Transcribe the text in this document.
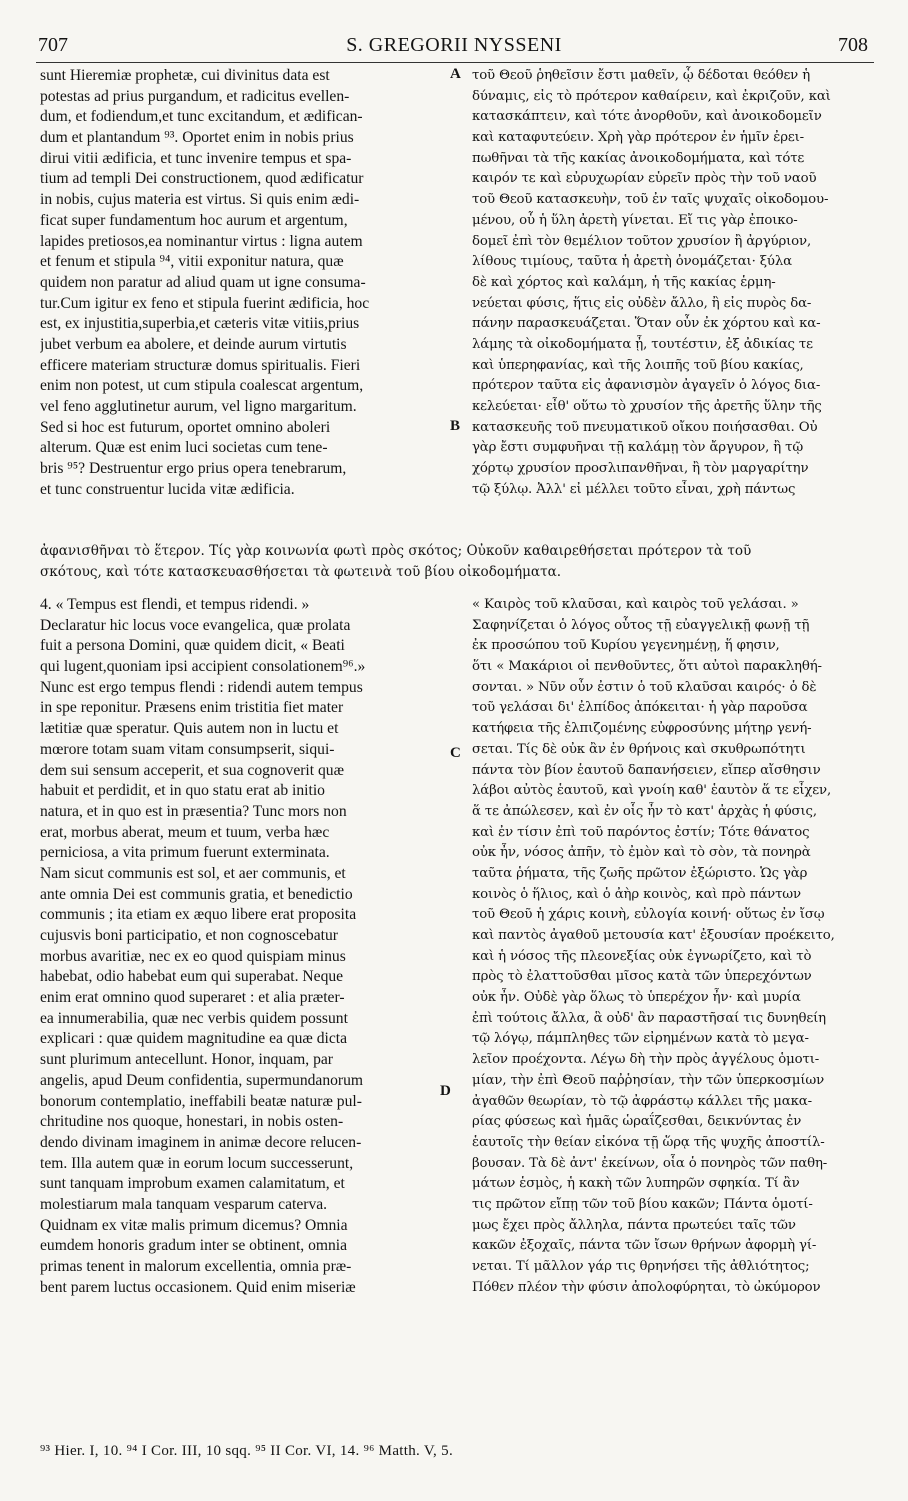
707	S. GREGORII NYSSENI	708
sunt Hieremiæ prophetæ, cui divinitus data est
potestas ad prius purgandum, et radicitus evellen-
dum, et fodiendum,et tunc excitandum, et ædifican-
dum et plantandum ⁹³. Oportet enim in nobis prius
dirui vitii ædificia, et tunc invenire tempus et spa-
tium ad templi Dei constructionem, quod ædificatur
in nobis, cujus materia est virtus. Si quis enim ædi-
ficat super fundamentum hoc aurum et argentum,
lapides pretiosos,ea nominantur virtus : ligna autem
et fenum et stipula ⁹⁴, vitii exponitur natura, quæ
quidem non paratur ad aliud quam ut igne consuma-
tur.Cum igitur ex feno et stipula fuerint ædificia, hoc
est, ex injustitia,superbia,et cæteris vitæ vitiis,prius
jubet verbum ea abolere, et deinde aurum virtutis
efficere materiam structuræ domus spiritualis. Fieri
enim non potest, ut cum stipula coalescat argentum,
vel feno agglutinetur aurum, vel ligno margaritum.
Sed si hoc est futurum, oportet omnino aboleri
alterum. Quæ est enim luci societas cum tene-
bris ⁹⁵? Destruentur ergo prius opera tenebrarum,
et tunc construentur lucida vitæ ædificia.
τοῦ Θεοῦ ῥηθεῖσιν ἔστι μαθεῖν, ᾧ δέδοται θεόθεν ἡ
δύναμις, εἰς τὸ πρότερον καθαίρειν, καὶ ἐκριζοῦν, καὶ
κατασκάπτειν, καὶ τότε ἀνορθοῦν, καὶ ἀνοικοδομεῖν
καὶ καταφυτεύειν. Χρὴ γὰρ πρότερον ἐν ἡμῖν ἐρει-
πωθῆναι τὰ τῆς κακίας ἀνοικοδομήματα, καὶ τότε
καιρόν τε καὶ εὐρυχωρίαν εὑρεῖν πρὸς τὴν τοῦ ναοῦ
τοῦ Θεοῦ κατασκευὴν, τοῦ ἐν ταῖς ψυχαῖς οἰκοδομου-
μένου, οὗ ἡ ὕλη ἀρετὴ γίνεται. Εἴ τις γὰρ ἐποικο-
δομεῖ ἐπὶ τὸν θεμέλιον τοῦτον χρυσίον ἢ ἀργύριον,
λίθους τιμίους, ταῦτα ἡ ἀρετὴ ὀνομάζεται· ξύλα
δὲ καὶ χόρτος καὶ καλάμη, ἡ τῆς κακίας ἑρμη-
νεύεται φύσις, ἥτις εἰς οὐδὲν ἄλλο, ἢ εἰς πυρὸς δα-
πάνην παρασκευάζεται. Ὅταν οὖν ἐκ χόρτου καὶ κα-
λάμης τὰ οἰκοδομήματα ᾖ, τουτέστιν, ἐξ ἀδικίας τε
καὶ ὑπερηφανίας, καὶ τῆς λοιπῆς τοῦ βίου κακίας,
πρότερον ταῦτα εἰς ἀφανισμὸν ἀγαγεῖν ὁ λόγος δια-
κελεύεται· εἶθ' οὕτω τὸ χρυσίον τῆς ἀρετῆς ὕλην τῆς
κατασκευῆς τοῦ πνευματικοῦ οἴκου ποιήσασθαι. Οὐ
γὰρ ἔστι συμφυῆναι τῇ καλάμῃ τὸν ἄργυρον, ἢ τῷ
χόρτῳ χρυσίον προσλιπανθῆναι, ἢ τὸν μαργαρίτην
τῷ ξύλῳ. Ἀλλ' εἰ μέλλει τοῦτο εἶναι, χρὴ πάντως
ἀφανισθῆναι τὸ ἕτερον. Τίς γὰρ κοινωνία φωτὶ πρὸς σκότος; Οὐκοῦν καθαιρεθήσεται πρότερον τὰ τοῦ
σκότους, καὶ τότε κατασκευασθήσεται τὰ φωτεινὰ τοῦ βίου οἰκοδομήματα.
4. « Tempus est flendi, et tempus ridendi. »
Declaratur hic locus voce evangelica, quæ prolata
fuit a persona Domini, quæ quidem dicit, « Beati
qui lugent,quoniam ipsi accipient consolationem⁹⁶.»
Nunc est ergo tempus flendi : ridendi autem tempus
in spe reponitur. Præsens enim tristitia fiet mater
lætitiæ quæ speratur. Quis autem non in luctu et
mœrore totam suam vitam consumpserit, siqui-
dem sui sensum acceperit, et sua cognoverit quæ
habuit et perdidit, et in quo statu erat ab initio
natura, et in quo est in præsentia? Tunc mors non
erat, morbus aberat, meum et tuum, verba hæc
perniciosa, a vita primum fuerunt exterminata.
Nam sicut communis est sol, et aer communis, et
ante omnia Dei est communis gratia, et benedictio
communis ; ita etiam ex æquo libere erat proposita
cujusvis boni participatio, et non cognoscebatur
morbus avaritiæ, nec ex eo quod quispiam minus
habebat, odio habebat eum qui superabat. Neque
enim erat omnino quod superaret : et alia præter-
ea innumerabilia, quæ nec verbis quidem possunt
explicari : quæ quidem magnitudine ea quæ dicta
sunt plurimum antecellunt. Honor, inquam, par
angelis, apud Deum confidentia, supermundanorum
bonorum contemplatio, ineffabili beatæ naturæ pul-
chritudine nos quoque, honestari, in nobis osten-
dendo divinam imaginem in animæ decore relucen-
tem. Illa autem quæ in eorum locum successerunt,
sunt tanquam improbum examen calamitatum, et
molestiarum mala tanquam vesparum caterva.
Quidnam ex vitæ malis primum dicemus? Omnia
eumdem honoris gradum inter se obtinent, omnia
primas tenent in malorum excellentia, omnia præ-
bent parem luctus occasionem. Quid enim miseriæ
« Καιρὸς τοῦ κλαῦσαι, καὶ καιρὸς τοῦ γελάσαι. »
Σαφηνίζεται ὁ λόγος οὗτος τῇ εὐαγγελικῇ φωνῇ τῇ
ἐκ προσώπου τοῦ Κυρίου γεγενημένῃ, ἥ φησιν,
ὅτι « Μακάριοι οἱ πενθοῦντες, ὅτι αὐτοὶ παρακληθή-
σονται. » Νῦν οὖν ἐστιν ὁ τοῦ κλαῦσαι καιρός· ὁ δὲ
τοῦ γελάσαι δι' ἐλπίδος ἀπόκειται· ἡ γὰρ παροῦσα
κατήφεια τῆς ἐλπιζομένης εὐφροσύνης μήτηρ γενή-
σεται. Τίς δὲ οὐκ ἂν ἐν θρήνοις καὶ σκυθρωπότητι
πάντα τὸν βίον ἑαυτοῦ δαπανήσειεν, εἴπερ αἴσθησιν
λάβοι αὐτὸς ἑαυτοῦ, καὶ γνοίη καθ' ἑαυτὸν ἅ τε εἶχεν,
ἅ τε ἀπώλεσεν, καὶ ἐν οἷς ἦν τὸ κατ' ἀρχὰς ἡ φύσις,
καὶ ἐν τίσιν ἐπὶ τοῦ παρόντος ἐστίν; Τότε θάνατος
οὐκ ἦν, νόσος ἀπῆν, τὸ ἐμὸν καὶ τὸ σὸν, τὰ πονηρὰ
ταῦτα ῥήματα, τῆς ζωῆς πρῶτον ἐξώριστο. Ὡς γὰρ
κοινὸς ὁ ἥλιος, καὶ ὁ ἀὴρ κοινὸς, καὶ πρὸ πάντων
τοῦ Θεοῦ ἡ χάρις κοινὴ, εὐλογία κοινή· οὕτως ἐν ἴσῳ
καὶ παντὸς ἀγαθοῦ μετουσία κατ' ἐξουσίαν προέκειτο,
καὶ ἡ νόσος τῆς πλεονεξίας οὐκ ἐγνωρίζετο, καὶ τὸ
πρὸς τὸ ἐλαττοῦσθαι μῖσος κατὰ τῶν ὑπερεχόντων
οὐκ ἦν. Οὐδὲ γὰρ ὅλως τὸ ὑπερέχον ἦν· καὶ μυρία
ἐπὶ τούτοις ἄλλα, ἃ οὐδ' ἂν παραστῆσαί τις δυνηθείη
τῷ λόγῳ, πάμπληθες τῶν εἰρημένων κατὰ τὸ μεγα-
λεῖον προέχοντα. Λέγω δὴ τὴν πρὸς ἀγγέλους ὁμοτι-
μίαν, τὴν ἐπὶ Θεοῦ παῤῥησίαν, τὴν τῶν ὑπερκοσμίων
ἀγαθῶν θεωρίαν, τὸ τῷ ἀφράστῳ κάλλει τῆς μακα-
ρίας φύσεως καὶ ἡμᾶς ὡραΐζεσθαι, δεικνύντας ἐν
ἑαυτοῖς τὴν θείαν εἰκόνα τῇ ὥρᾳ τῆς ψυχῆς ἀποστίλ-
βουσαν. Τὰ δὲ ἀντ' ἐκείνων, οἷα ὁ πονηρὸς τῶν παθη-
μάτων ἑσμὸς, ἡ κακὴ τῶν λυπηρῶν σφηκία. Τί ἂν
τις πρῶτον εἴπῃ τῶν τοῦ βίου κακῶν; Πάντα ὁμοτί-
μως ἔχει πρὸς ἄλληλα, πάντα πρωτεύει ταῖς τῶν
κακῶν ἐξοχαῖς, πάντα τῶν ἴσων θρήνων ἀφορμὴ γί-
νεται. Τί μᾶλλον γάρ τις θρηνήσει τῆς ἀθλιότητος;
Πόθεν πλέον τὴν φύσιν ἀπολοφύρηται, τὸ ὠκύμορον
A
B
C
D
⁹³ Hier. I, 10. ⁹⁴ I Cor. III, 10 sqq. ⁹⁵ II Cor. VI, 14. ⁹⁶ Matth. V, 5.
